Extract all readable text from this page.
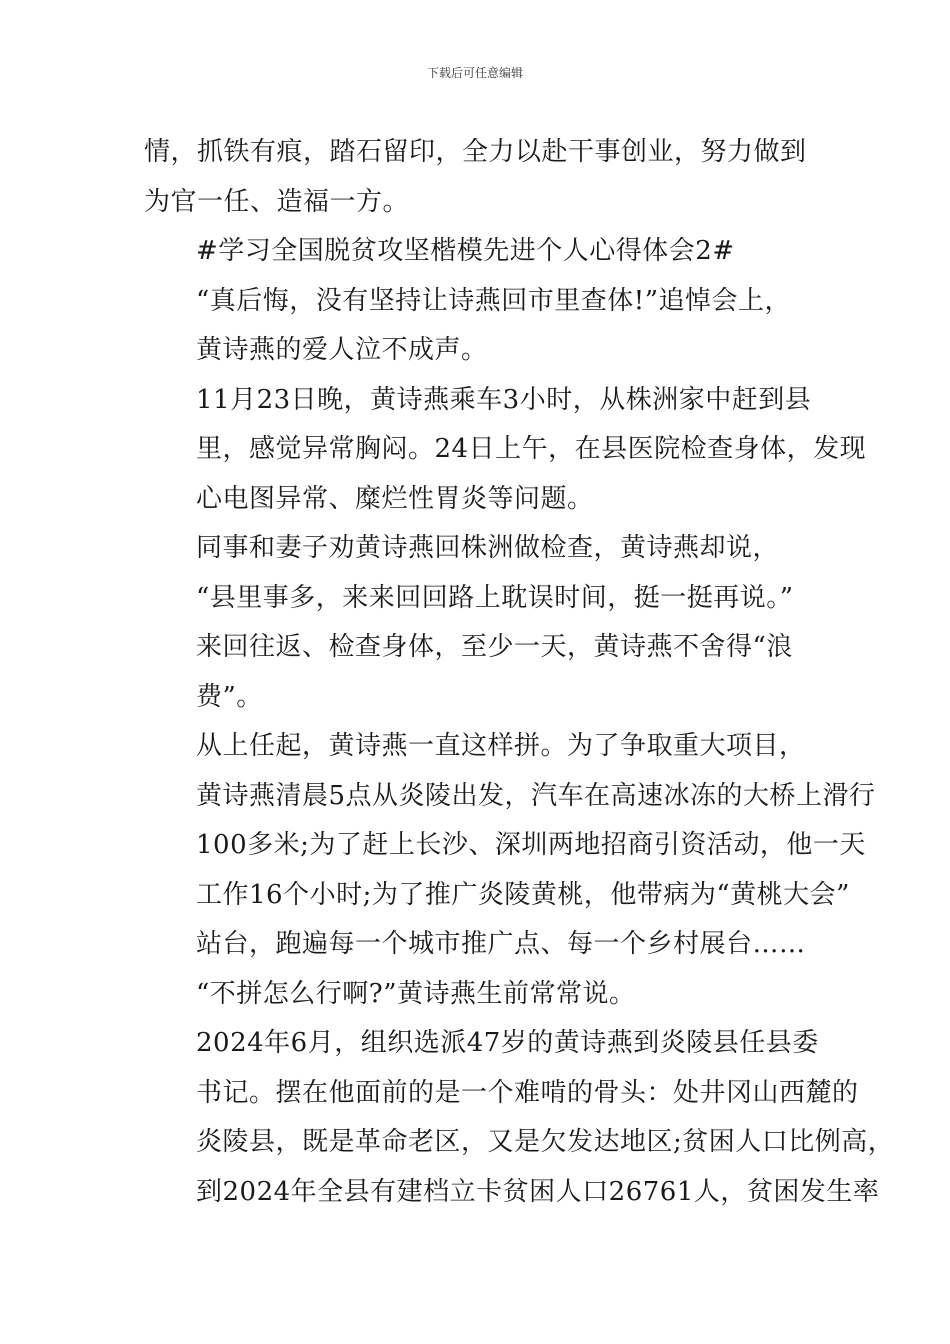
下载后可任意编辑

情，抓铁有痕，踏石留印，全力以赴干事创业，努力做到
为官一任、造福一方。

#学习全国脱贫攻坚楷模先进个人心得体会2#

“真后悔，没有坚持让诗燕回市里查体!”追悼会上，
黄诗燕的爱人泣不成声。

11月23日晚，黄诗燕乘车3小时，从株洲家中赶到县
里，感觉异常胸闷。24日上午，在县医院检查身体，发现
心电图异常、糜烂性胃炎等问题。

同事和妻子劝黄诗燕回株洲做检查，黄诗燕却说，
“县里事多，来来回回路上耽误时间，挺一挺再说。”

来回往返、检查身体，至少一天，黄诗燕不舍得“浪
费”。

从上任起，黄诗燕一直这样拼。为了争取重大项目，
黄诗燕清晨5点从炎陵出发，汽车在高速冰冻的大桥上滑行
100多米;为了赶上长沙、深圳两地招商引资活动，他一天
工作16个小时;为了推广炎陵黄桃，他带病为“黄桃大会”
站台，跑遍每一个城市推广点、每一个乡村展台……

“不拼怎么行啊?”黄诗燕生前常常说。

2024年6月，组织选派47岁的黄诗燕到炎陵县任县委
书记。摆在他面前的是一个难啃的骨头：处井冈山西麓的
炎陵县，既是革命老区，又是欠发达地区;贫困人口比例高，
到2024年全县有建档立卡贫困人口26761人，贫困发生率
